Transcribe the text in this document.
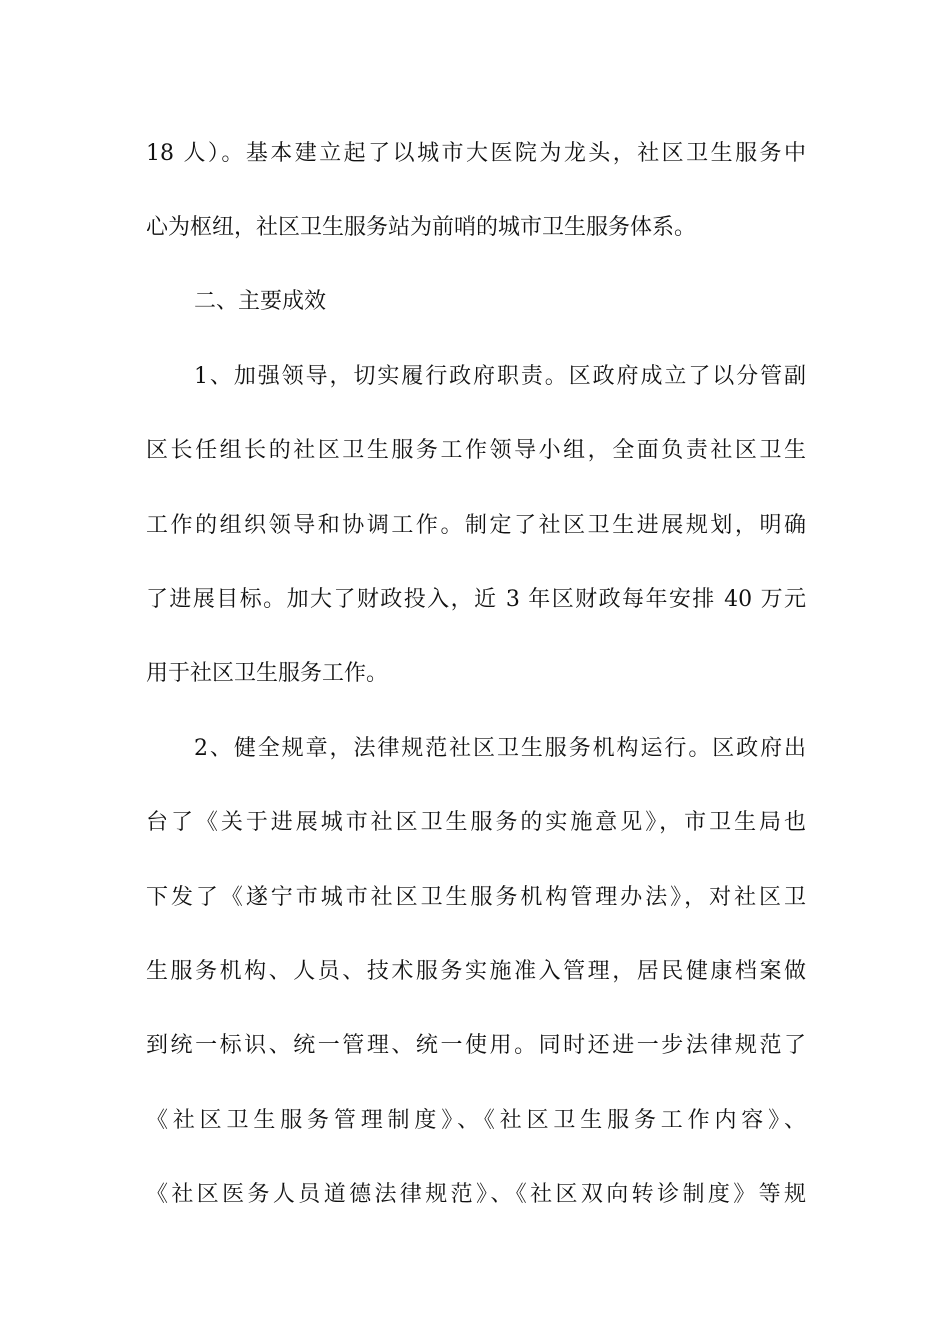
18 人）。基本建立起了以城市大医院为龙头，社区卫生服务中
心为枢纽，社区卫生服务站为前哨的城市卫生服务体系。
二、主要成效
1、加强领导，切实履行政府职责。区政府成立了以分管副
区长任组长的社区卫生服务工作领导小组，全面负责社区卫生
工作的组织领导和协调工作。制定了社区卫生进展规划，明确
了进展目标。加大了财政投入，近 3 年区财政每年安排 40 万元
用于社区卫生服务工作。
2、健全规章，法律规范社区卫生服务机构运行。区政府出
台了《关于进展城市社区卫生服务的实施意见》，市卫生局也
下发了《遂宁市城市社区卫生服务机构管理办法》，对社区卫
生服务机构、人员、技术服务实施准入管理，居民健康档案做
到统一标识、统一管理、统一使用。同时还进一步法律规范了
《社区卫生服务管理制度》、《社区卫生服务工作内容》、
《社区医务人员道德法律规范》、《社区双向转诊制度》等规
